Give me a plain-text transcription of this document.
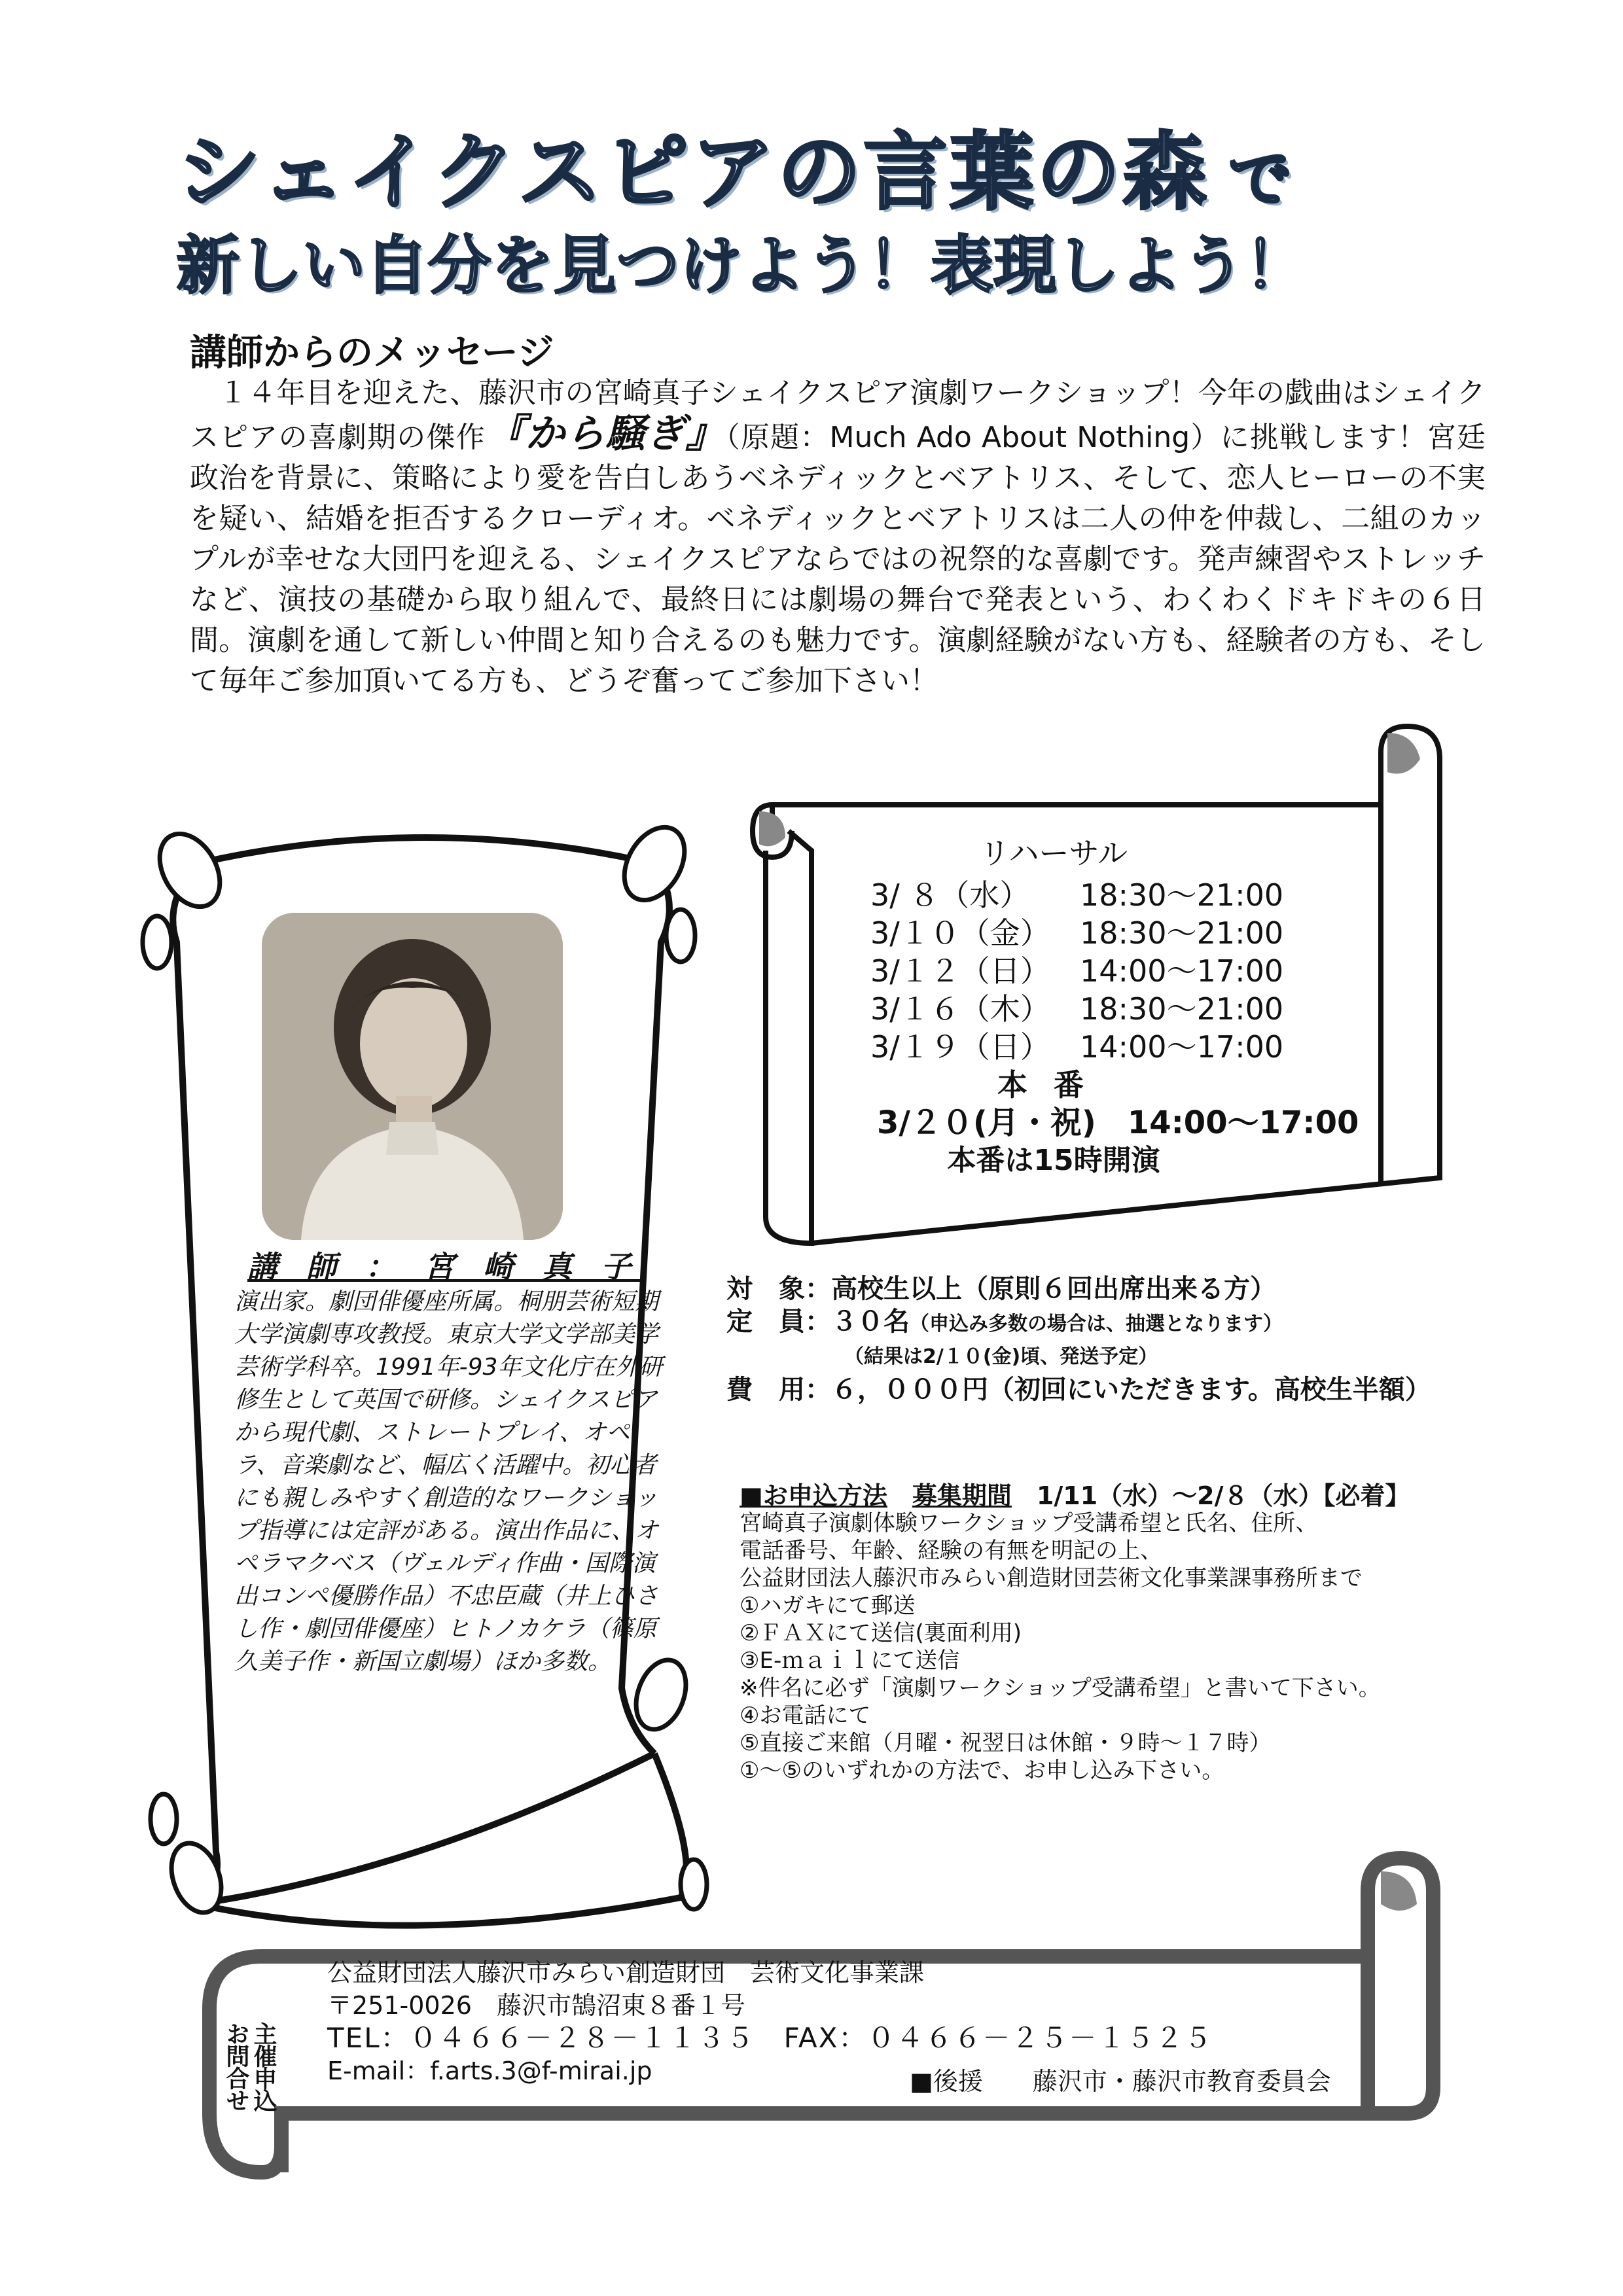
シェイクスピアの言葉の森 で
新しい自分を見つけよう！表現しよう！
講師からのメッセージ
　１４年目を迎えた、藤沢市の宮崎真子シェイクスピア演劇ワークショップ！今年の戯曲はシェイクスピアの喜劇期の傑作『から騒ぎ』（原題：Much Ado About Nothing）に挑戦します！宮廷政治を背景に、策略により愛を告白しあうベネディックとベアトリス、そして、恋人ヒーローの不実を疑い、結婚を拒否するクローディオ。ベネディックとベアトリスは二人の仲を仲裁し、二組のカップルが幸せな大団円を迎える、シェイクスピアならではの祝祭的な喜劇です。発声練習やストレッチなど、演技の基礎から取り組んで、最終日には劇場の舞台で発表という、わくわくドキドキの６日間。演劇を通して新しい仲間と知り合えるのも魅力です。演劇経験がない方も、経験者の方も、そして毎年ご参加頂いてる方も、どうぞ奮ってご参加下さい！
リハーサル
3/ ８（水）	18:30～21:00
3/１０（金） 18:30～21:00
3/１２（日） 14:00～17:00
3/１６（木） 18:30～21:00
3/１９（日） 14:00～17:00
本番
3/２０(月・祝)　14:00～17:00
本番は15時開演
講 師 ： 宮 崎 真 子
演出家。劇団俳優座所属。桐朋芸術短期大学演劇専攻教授。東京大学文学部美学芸術学科卒。1991年-93年文化庁在外研修生として英国で研修。シェイクスピアから現代劇、ストレートプレイ、オペラ、音楽劇など、幅広く活躍中。初心者にも親しみやすく創造的なワークショップ指導には定評がある。演出作品に、オペラマクベス（ヴェルディ作曲・国際演出コンペ優勝作品）不忠臣蔵（井上ひさし作・劇団俳優座）ヒトノカケラ（篠原久美子作・新国立劇場）ほか多数。
対　象：高校生以上（原則６回出席出来る方）
定　員：３０名（申込み多数の場合は、抽選となります）
（結果は2/１０(金)頃、発送予定）
費　用：６，０００円（初回にいただきます。高校生半額）
■お申込方法　 募集期間　 1/11（水）～2/８（水）【必着】
宮崎真子演劇体験ワークショップ受講希望と氏名、住所、
電話番号、年齢、経験の有無を明記の上、
公益財団法人藤沢市みらい創造財団芸術文化事業課事務所まで
①ハガキにて郵送
②ＦＡＸにて送信(裏面利用)
③E-ｍａｉｌにて送信
※件名に必ず「演劇ワークショップ受講希望」と書いて下さい。
④お電話にて
⑤直接ご来館（月曜・祝翌日は休館・９時～１７時）
①～⑤のいずれかの方法で、お申し込み下さい。
主催申込
お問合せ
公益財団法人藤沢市みらい創造財団　芸術文化事業課
〒251-0026　藤沢市鵠沼東８番１号
TEL：０４６６－２８－１１３５　FAX：０４６６－２５－１５２５
E-mail：f.arts.3@f-mirai.jp	■後援　　藤沢市・藤沢市教育委員会
